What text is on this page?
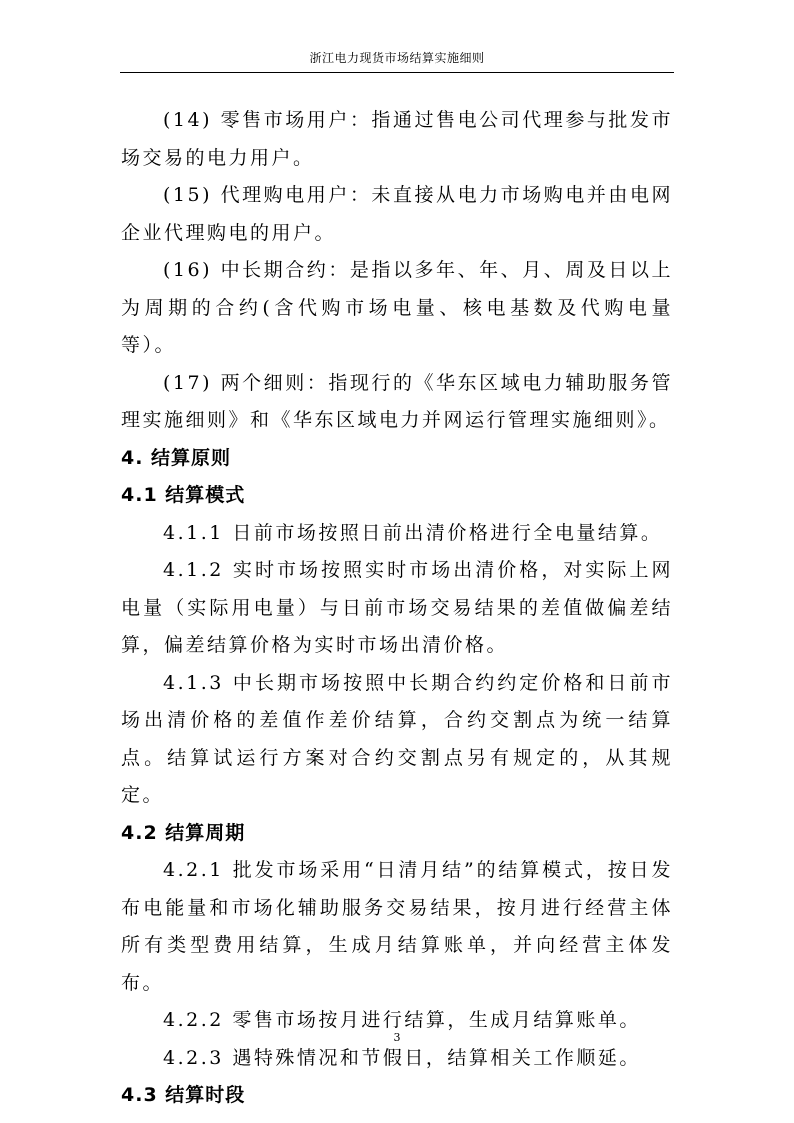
浙江电力现货市场结算实施细则

(14) 零售市场用户：指通过售电公司代理参与批发市场交易的电力用户。

(15) 代理购电用户：未直接从电力市场购电并由电网企业代理购电的用户。

(16) 中长期合约：是指以多年、年、月、周及日以上为周期的合约(含代购市场电量、核电基数及代购电量等）。

(17) 两个细则：指现行的《华东区域电力辅助服务管理实施细则》和《华东区域电力并网运行管理实施细则》。

4. 结算原则
4.1 结算模式

4.1.1 日前市场按照日前出清价格进行全电量结算。

4.1.2 实时市场按照实时市场出清价格，对实际上网电量（实际用电量）与日前市场交易结果的差值做偏差结算，偏差结算价格为实时市场出清价格。

4.1.3 中长期市场按照中长期合约约定价格和日前市场出清价格的差值作差价结算，合约交割点为统一结算点。结算试运行方案对合约交割点另有规定的，从其规定。

4.2 结算周期

4.2.1 批发市场采用“日清月结”的结算模式，按日发布电能量和市场化辅助服务交易结果，按月进行经营主体所有类型费用结算，生成月结算账单，并向经营主体发布。

4.2.2 零售市场按月进行结算，生成月结算账单。

4.2.3 遇特殊情况和节假日，结算相关工作顺延。

4.3 结算时段
3
